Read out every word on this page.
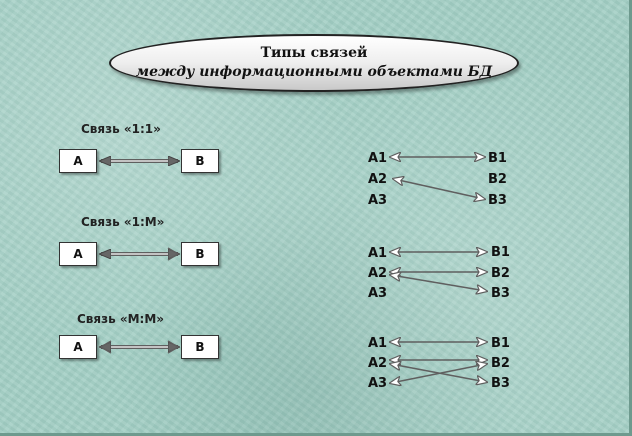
Типы связей
между информационными объектами БД
Связь «1:1»
A	B	A1
A2
A3
B1
B2
B3
Связь «1:M»
A	B	A1
A2
A3
B1
B2
B3
Связь «M:M»
A	B	A1
A2
A3
B1
B2
B3
